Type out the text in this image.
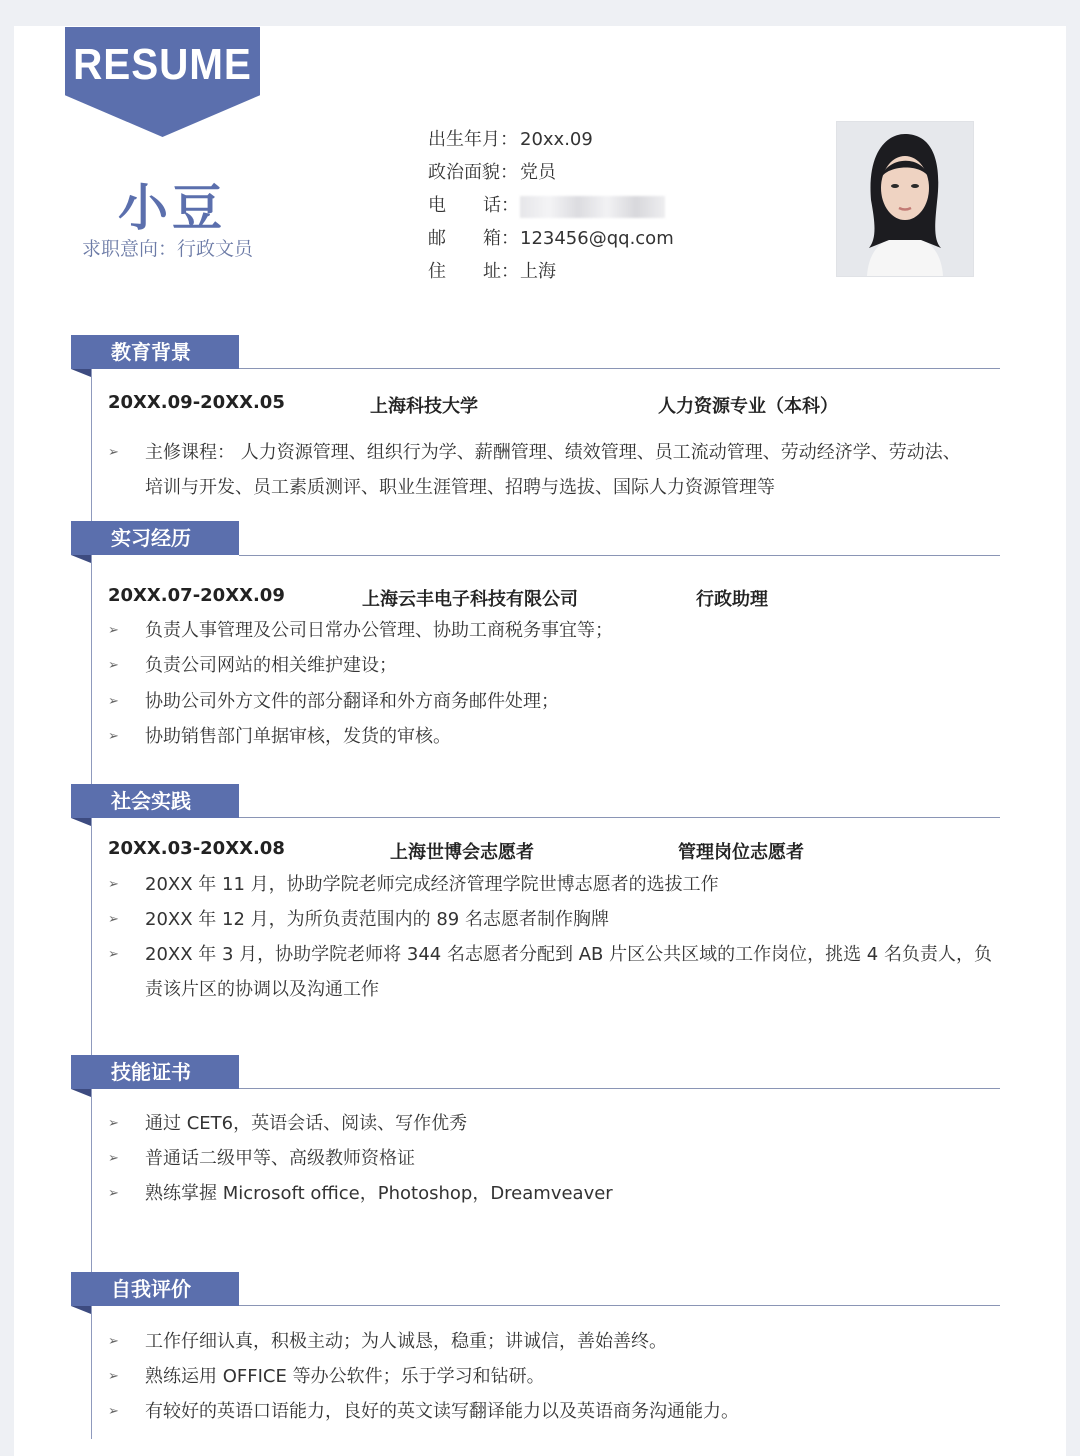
RESUME
小豆
求职意向：行政文员
出生年月： 20xx.09
政治面貌： 党员
电 话：
邮 箱： 123456@qq.com
住 址： 上海
教育背景
20XX.09-20XX.05	上海科技大学	人力资源专业（本科）
➢ 主修课程： 人力资源管理、组织行为学、薪酬管理、绩效管理、员工流动管理、劳动经济学、劳动法、
培训与开发、员工素质测评、职业生涯管理、招聘与选拔、国际人力资源管理等
实习经历
20XX.07-20XX.09	上海云丰电子科技有限公司	行政助理
➢ 负责人事管理及公司日常办公管理、协助工商税务事宜等；
➢ 负责公司网站的相关维护建设；
➢ 协助公司外方文件的部分翻译和外方商务邮件处理；
➢ 协助销售部门单据审核，发货的审核。
社会实践
20XX.03-20XX.08	上海世博会志愿者	管理岗位志愿者
➢ 20XX 年 11 月，协助学院老师完成经济管理学院世博志愿者的选拔工作
➢ 20XX 年 12 月，为所负责范围内的 89 名志愿者制作胸牌
➢ 20XX 年 3 月，协助学院老师将 344 名志愿者分配到 AB 片区公共区域的工作岗位，挑选 4 名负责人，负
责该片区的协调以及沟通工作
技能证书
➢ 通过 CET6，英语会话、阅读、写作优秀
➢ 普通话二级甲等、高级教师资格证
➢ 熟练掌握 Microsoft office，Photoshop，Dreamveaver
自我评价
➢ 工作仔细认真，积极主动；为人诚恳，稳重；讲诚信，善始善终。
➢ 熟练运用 OFFICE 等办公软件；乐于学习和钻研。
➢ 有较好的英语口语能力，良好的英文读写翻译能力以及英语商务沟通能力。
